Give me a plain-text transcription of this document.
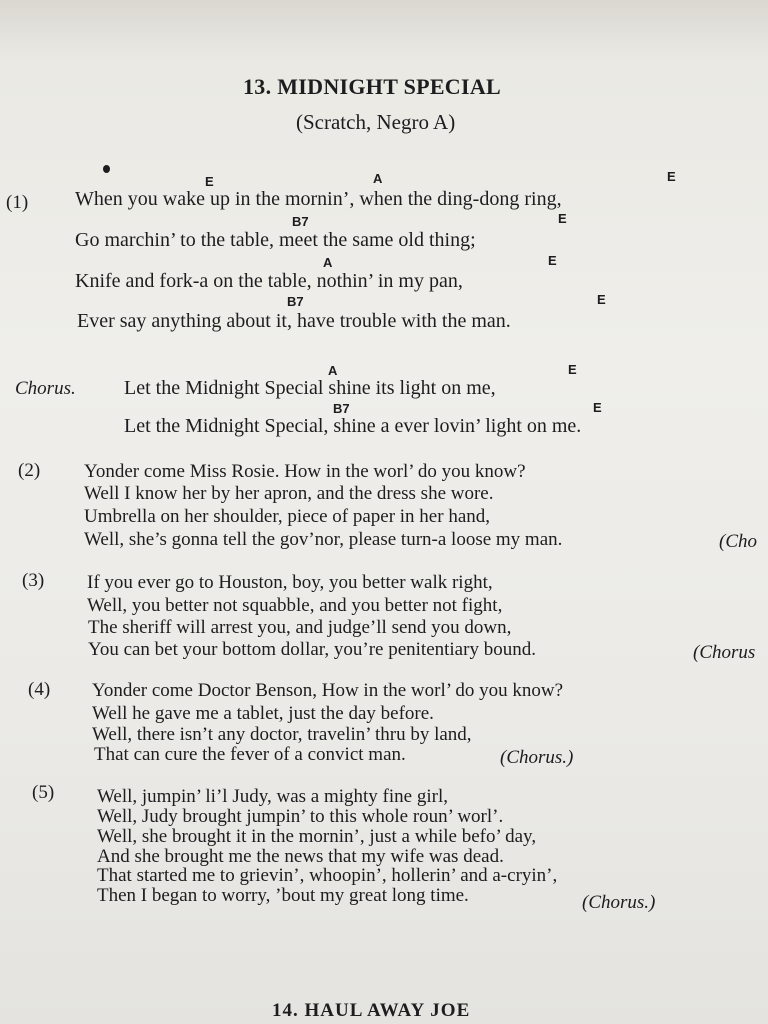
13. MIDNIGHT SPECIAL
(Scratch, Negro A)
(1)
E	A	E
When you wake up in the mornin’, when the ding-dong ring,
B7	E
Go marchin’ to the table, meet the same old thing;
A	E
Knife and fork-a on the table, nothin’ in my pan,
B7	E
Ever say anything about it, have trouble with the man.
Chorus.
A	E
Let the Midnight Special shine its light on me,
B7	E
Let the Midnight Special, shine a ever lovin’ light on me.
(2) Yonder come Miss Rosie. How in the worl’ do you know?
Well I know her by her apron, and the dress she wore.
Umbrella on her shoulder, piece of paper in her hand,
Well, she’s gonna tell the gov’nor, please turn-a loose my man.	(Cho
(3) If you ever go to Houston, boy, you better walk right,
Well, you better not squabble, and you better not fight,
The sheriff will arrest you, and judge’ll send you down,
You can bet your bottom dollar, you’re penitentiary bound.	(Chorus
(4) Yonder come Doctor Benson, How in the worl’ do you know?
Well he gave me a tablet, just the day before.
Well, there isn’t any doctor, travelin’ thru by land,
That can cure the fever of a convict man.	(Chorus.)
(5) Well, jumpin’ li’l Judy, was a mighty fine girl,
Well, Judy brought jumpin’ to this whole roun’ worl’.
Well, she brought it in the mornin’, just a while befo’ day,
And she brought me the news that my wife was dead.
That started me to grievin’, whoopin’, hollerin’ and a-cryin’,
Then I began to worry, ’bout my great long time.	(Chorus.)
14. HAUL AWAY JOE
